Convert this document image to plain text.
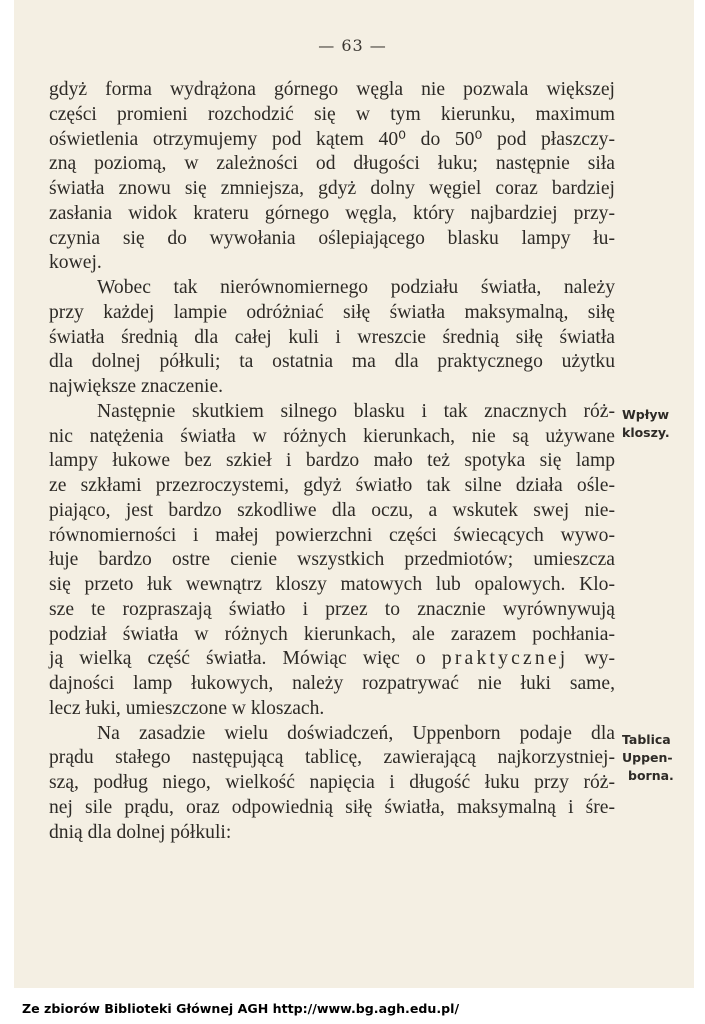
— 63 —
gdyż forma wydrążona górnego węgla nie pozwala większej
części promieni rozchodzić się w tym kierunku, maximum
oświetlenia otrzymujemy pod kątem 40⁰ do 50⁰ pod płaszczy-
zną poziomą, w zależności od długości łuku; następnie siła
światła znowu się zmniejsza, gdyż dolny węgiel coraz bardziej
zasłania widok krateru górnego węgla, który najbardziej przy-
czynia się do wywołania oślepiającego blasku lampy łu-
kowej.
Wobec tak nierównomiernego podziału światła, należy
przy każdej lampie odróżniać siłę światła maksymalną, siłę
światła średnią dla całej kuli i wreszcie średnią siłę światła
dla dolnej półkuli; ta ostatnia ma dla praktycznego użytku
największe znaczenie.
Następnie skutkiem silnego blasku i tak znacznych róż-
nic natężenia światła w różnych kierunkach, nie są używane
lampy łukowe bez szkieł i bardzo mało też spotyka się lamp
ze szkłami przezroczystemi, gdyż światło tak silne działa ośle-
piająco, jest bardzo szkodliwe dla oczu, a wskutek swej nie-
równomierności i małej powierzchni części świecących wywo-
łuje bardzo ostre cienie wszystkich przedmiotów; umieszcza
się przeto łuk wewnątrz kloszy matowych lub opalowych. Klo-
sze te rozpraszają światło i przez to znacznie wyrównywują
podział światła w różnych kierunkach, ale zarazem pochłania-
ją wielką część światła. Mówiąc więc o praktycznej wy-
dajności lamp łukowych, należy rozpatrywać nie łuki same,
lecz łuki, umieszczone w kloszach.
Na zasadzie wielu doświadczeń, Uppenborn podaje dla
prądu stałego następującą tablicę, zawierającą najkorzystniej-
szą, podług niego, wielkość napięcia i długość łuku przy róż-
nej sile prądu, oraz odpowiednią siłę światła, maksymalną i śre-
dnią dla dolnej półkuli:
Wpływ
kloszy.
Tablica
Uppen-
borna.
Ze zbiorów Biblioteki Głównej AGH http://www.bg.agh.edu.pl/
